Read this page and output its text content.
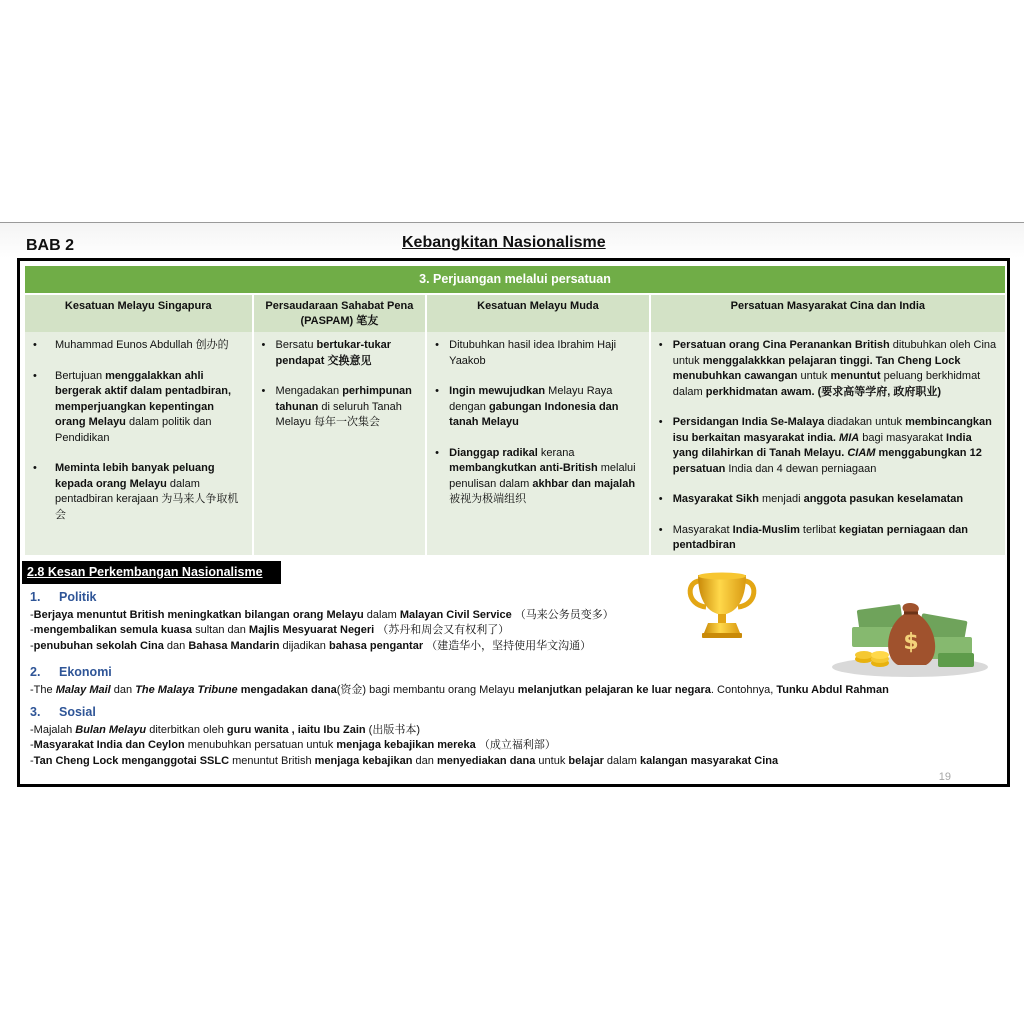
BAB 2	Kebangkitan Nasionalisme
3. Perjuangan melalui persatuan
Kesatuan Melayu Singapura
•	Muhammad Eunos Abdullah 创办的
•	Bertujuan menggalakkan ahli bergerak aktif dalam pentadbiran, memperjuangkan kepentingan orang Melayu dalam politik dan Pendidikan
•	Meminta lebih banyak peluang kepada orang Melayu dalam pentadbiran kerajaan 为马来人争取机会
Persaudaraan Sahabat Pena (PASPAM) 笔友
• Bersatu bertukar-tukar pendapat 交换意见
• Mengadakan perhimpunan tahunan di seluruh Tanah Melayu 每年一次集会
Kesatuan Melayu Muda
• Ditubuhkan hasil idea Ibrahim Haji Yaakob
• Ingin mewujudkan Melayu Raya dengan gabungan Indonesia dan tanah Melayu
• Dianggap radikal kerana membangkutkan anti-British melalui penulisan dalam akhbar dan majalah 被视为极端组织
Persatuan Masyarakat Cina dan India
• Persatuan orang Cina Peranankan British ditubuhkan oleh Cina untuk menggalakkkan pelajaran tinggi. Tan Cheng Lock menubuhkan cawangan untuk menuntut peluang berkhidmat dalam perkhidmatan awam. (要求高等学府, 政府职业)
• Persidangan India Se-Malaya diadakan untuk membincangkan isu berkaitan masyarakat india. MIA bagi masyarakat India yang dilahirkan di Tanah Melayu. CIAM menggabungkan 12 persatuan India dan 4 dewan perniagaan
• Masyarakat Sikh menjadi anggota pasukan keselamatan
• Masyarakat India-Muslim terlibat kegiatan perniagaan dan pentadbiran
2.8 Kesan Perkembangan Nasionalisme
1. Politik
-Berjaya menuntut British meningkatkan bilangan orang Melayu dalam Malayan Civil Service （马来公务员变多）
-mengembalikan semula kuasa sultan dan Majlis Mesyuarat Negeri （苏丹和周会又有权利了）
-penubuhan sekolah Cina dan Bahasa Mandarin dijadikan bahasa pengantar （建造华小，坚持使用华文沟通）
2. Ekonomi
-The Malay Mail dan The Malaya Tribune mengadakan dana(资金) bagi membantu orang Melayu melanjutkan pelajaran ke luar negara. Contohnya, Tunku Abdul Rahman
3. Sosial
-Majalah Bulan Melayu diterbitkan oleh guru wanita , iaitu Ibu Zain (出版书本)
-Masyarakat India dan Ceylon menubuhkan persatuan untuk menjaga kebajikan mereka （成立福利部）
-Tan Cheng Lock menganggotai SSLC menuntut British menjaga kebajikan dan menyediakan dana untuk belajar dalam kalangan masyarakat Cina
$
19
